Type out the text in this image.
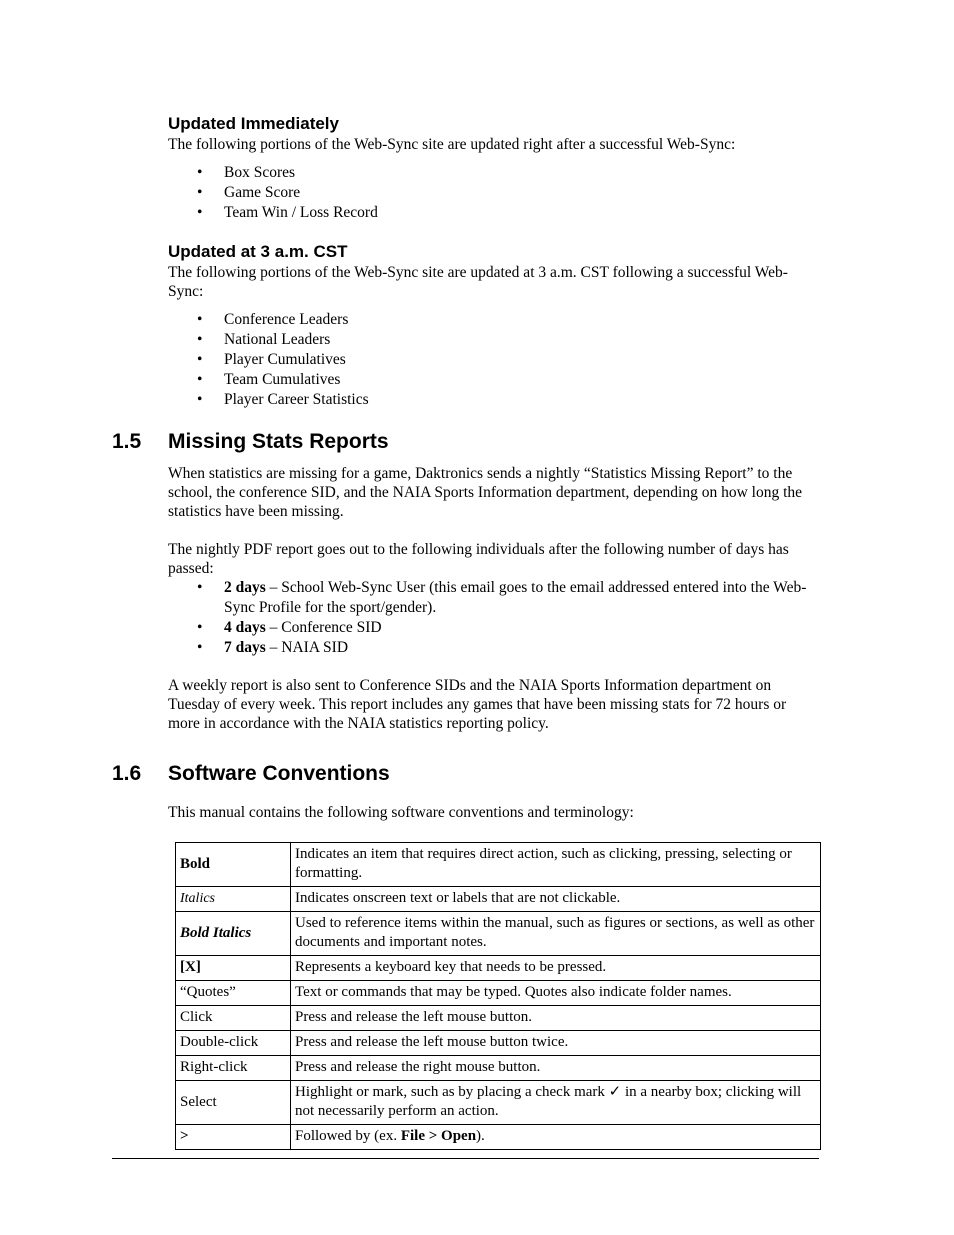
Updated Immediately

The following portions of the Web-Sync site are updated right after a successful Web-Sync:

• Box Scores
• Game Score
• Team Win / Loss Record
Updated at 3 a.m. CST

The following portions of the Web-Sync site are updated at 3 a.m. CST following a successful Web-Sync:

• Conference Leaders
• National Leaders
• Player Cumulatives
• Team Cumulatives
• Player Career Statistics
1.5 Missing Stats Reports

When statistics are missing for a game, Daktronics sends a nightly “Statistics Missing Report” to the school, the conference SID, and the NAIA Sports Information department, depending on how long the statistics have been missing.

The nightly PDF report goes out to the following individuals after the following number of days has passed:

• 2 days – School Web-Sync User (this email goes to the email addressed entered into the Web-Sync Profile for the sport/gender).
• 4 days – Conference SID
• 7 days – NAIA SID

A weekly report is also sent to Conference SIDs and the NAIA Sports Information department on Tuesday of every week. This report includes any games that have been missing stats for 72 hours or more in accordance with the NAIA statistics reporting policy.

1.6 Software Conventions

This manual contains the following software conventions and terminology:

Bold	Indicates an item that requires direct action, such as clicking, pressing, selecting or formatting.
Italics	Indicates onscreen text or labels that are not clickable.
Bold Italics	Used to reference items within the manual, such as figures or sections, as well as other documents and important notes.
[X]	Represents a keyboard key that needs to be pressed.
“Quotes”	Text or commands that may be typed. Quotes also indicate folder names.
Click	Press and release the left mouse button.
Double-click	Press and release the left mouse button twice.
Right-click	Press and release the right mouse button.
Select	Highlight or mark, such as by placing a check mark ✓ in a nearby box; clicking will not necessarily perform an action.
>	Followed by (ex. File > Open).
